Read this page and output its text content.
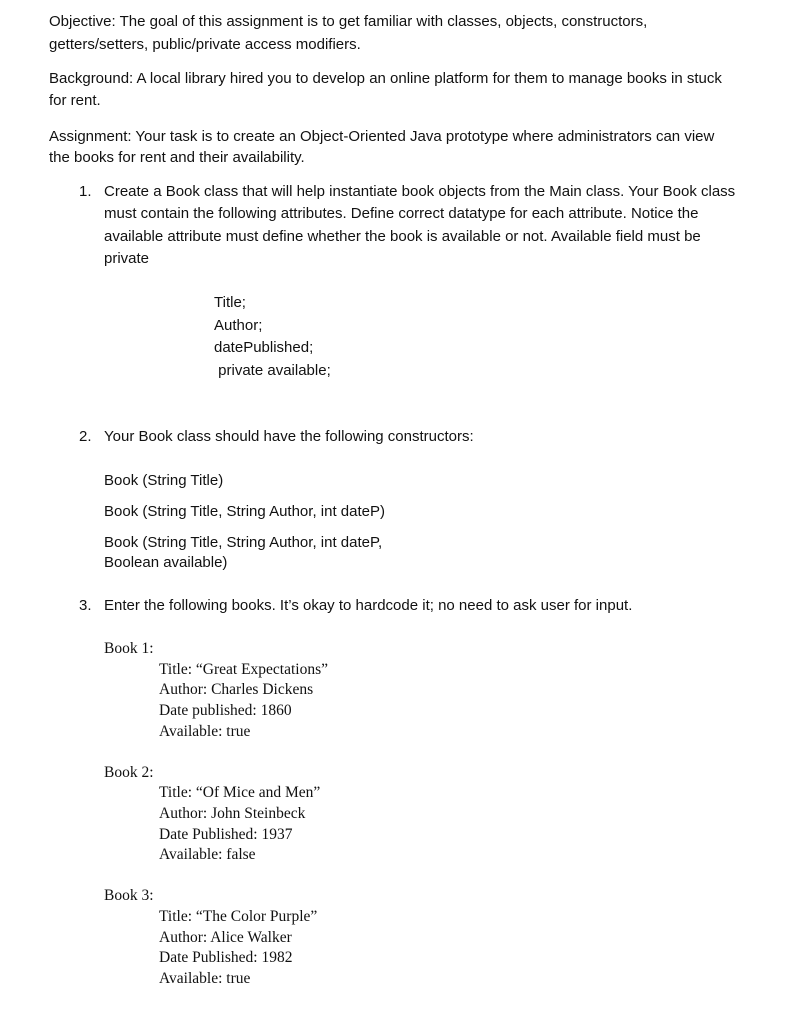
Objective: The goal of this assignment is to get familiar with classes, objects, constructors,
getters/setters, public/private access modifiers.
Background: A local library hired you to develop an online platform for them to manage books in stuck
for rent.
Assignment: Your task is to create an Object-Oriented Java prototype where administrators can view
the books for rent and their availability.
1. Create a Book class that will help instantiate book objects from the Main class. Your Book class
must contain the following attributes. Define correct datatype for each attribute. Notice the
available attribute must define whether the book is available or not. Available field must be
private
Title;
Author;
datePublished;
private available;
2. Your Book class should have the following constructors:
Book (String Title)
Book (String Title, String Author, int dateP)
Book (String Title, String Author, int dateP,
Boolean available)
3. Enter the following books. It’s okay to hardcode it; no need to ask user for input.
Book 1:
Title: “Great Expectations”
Author: Charles Dickens
Date published: 1860
Available: true
Book 2:
Title: “Of Mice and Men”
Author: John Steinbeck
Date Published: 1937
Available: false
Book 3:
Title: “The Color Purple”
Author: Alice Walker
Date Published: 1982
Available: true
